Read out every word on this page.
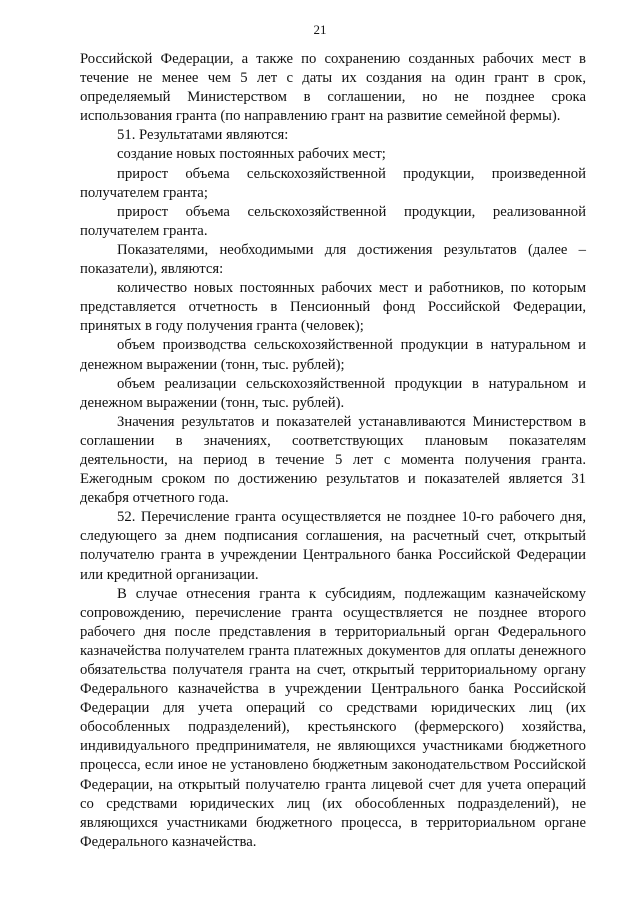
21

Российской Федерации, а также по сохранению созданных рабочих мест в течение не менее чем 5 лет с даты их создания на один грант в срок, определяемый Министерством в соглашении, но не позднее срока использования гранта (по направлению грант на развитие семейной фермы).

51. Результатами являются:

создание новых постоянных рабочих мест;

прирост объема сельскохозяйственной продукции, произведенной получателем гранта;

прирост объема сельскохозяйственной продукции, реализованной получателем гранта.

Показателями, необходимыми для достижения результатов (далее – показатели), являются:

количество новых постоянных рабочих мест и работников, по которым представляется отчетность в Пенсионный фонд Российской Федерации, принятых в году получения гранта (человек);

объем производства сельскохозяйственной продукции в натуральном и денежном выражении (тонн, тыс. рублей);

объем реализации сельскохозяйственной продукции в натуральном и денежном выражении (тонн, тыс. рублей).

Значения результатов и показателей устанавливаются Министерством в соглашении в значениях, соответствующих плановым показателям деятельности, на период в течение 5 лет с момента получения гранта. Ежегодным сроком по достижению результатов и показателей является 31 декабря отчетного года.

52. Перечисление гранта осуществляется не позднее 10-го рабочего дня, следующего за днем подписания соглашения, на расчетный счет, открытый получателю гранта в учреждении Центрального банка Российской Федерации или кредитной организации.

В случае отнесения гранта к субсидиям, подлежащим казначейскому сопровождению, перечисление гранта осуществляется не позднее второго рабочего дня после представления в территориальный орган Федерального казначейства получателем гранта платежных документов для оплаты денежного обязательства получателя гранта на счет, открытый территориальному органу Федерального казначейства в учреждении Центрального банка Российской Федерации для учета операций со средствами юридических лиц (их обособленных подразделений), крестьянского (фермерского) хозяйства, индивидуального предпринимателя, не являющихся участниками бюджетного процесса, если иное не установлено бюджетным законодательством Российской Федерации, на открытый получателю гранта лицевой счет для учета операций со средствами юридических лиц (их обособленных подразделений), не являющихся участниками бюджетного процесса, в территориальном органе Федерального казначейства.
